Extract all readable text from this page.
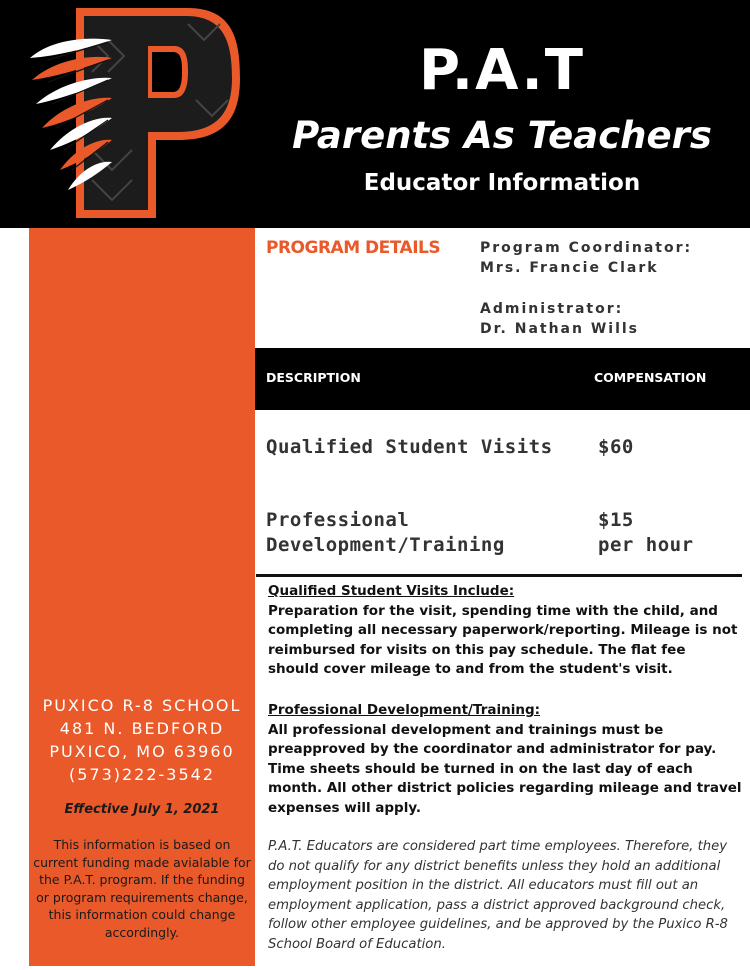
P.A.T
Parents As Teachers
Educator Information
PUXICO R-8 SCHOOL
481 N. BEDFORD
PUXICO, MO 63960
(573)222-3542
Effective July 1, 2021
This information is based on current funding made avialable for the P.A.T. program. If the funding or program requirements change, this information could change accordingly.
PROGRAM DETAILS	Program Coordinator:
Mrs. Francie Clark
Administrator:
Dr. Nathan Wills
DESCRIPTION	COMPENSATION
Qualified Student Visits $60
Professional
Development/Training
$15
per hour
Qualified Student Visits Include:
Preparation for the visit, spending time with the child, and completing all necessary paperwork/reporting. Mileage is not reimbursed for visits on this pay schedule. The flat fee should cover mileage to and from the student's visit.
Professional Development/Training:
All professional development and trainings must be preapproved by the coordinator and administrator for pay. Time sheets should be turned in on the last day of each month. All other district policies regarding mileage and travel expenses will apply.
P.A.T. Educators are considered part time employees. Therefore, they do not qualify for any district benefits unless they hold an additional employment position in the district. All educators must fill out an employment application, pass a district approved background check, follow other employee guidelines, and be approved by the Puxico R-8 School Board of Education.
